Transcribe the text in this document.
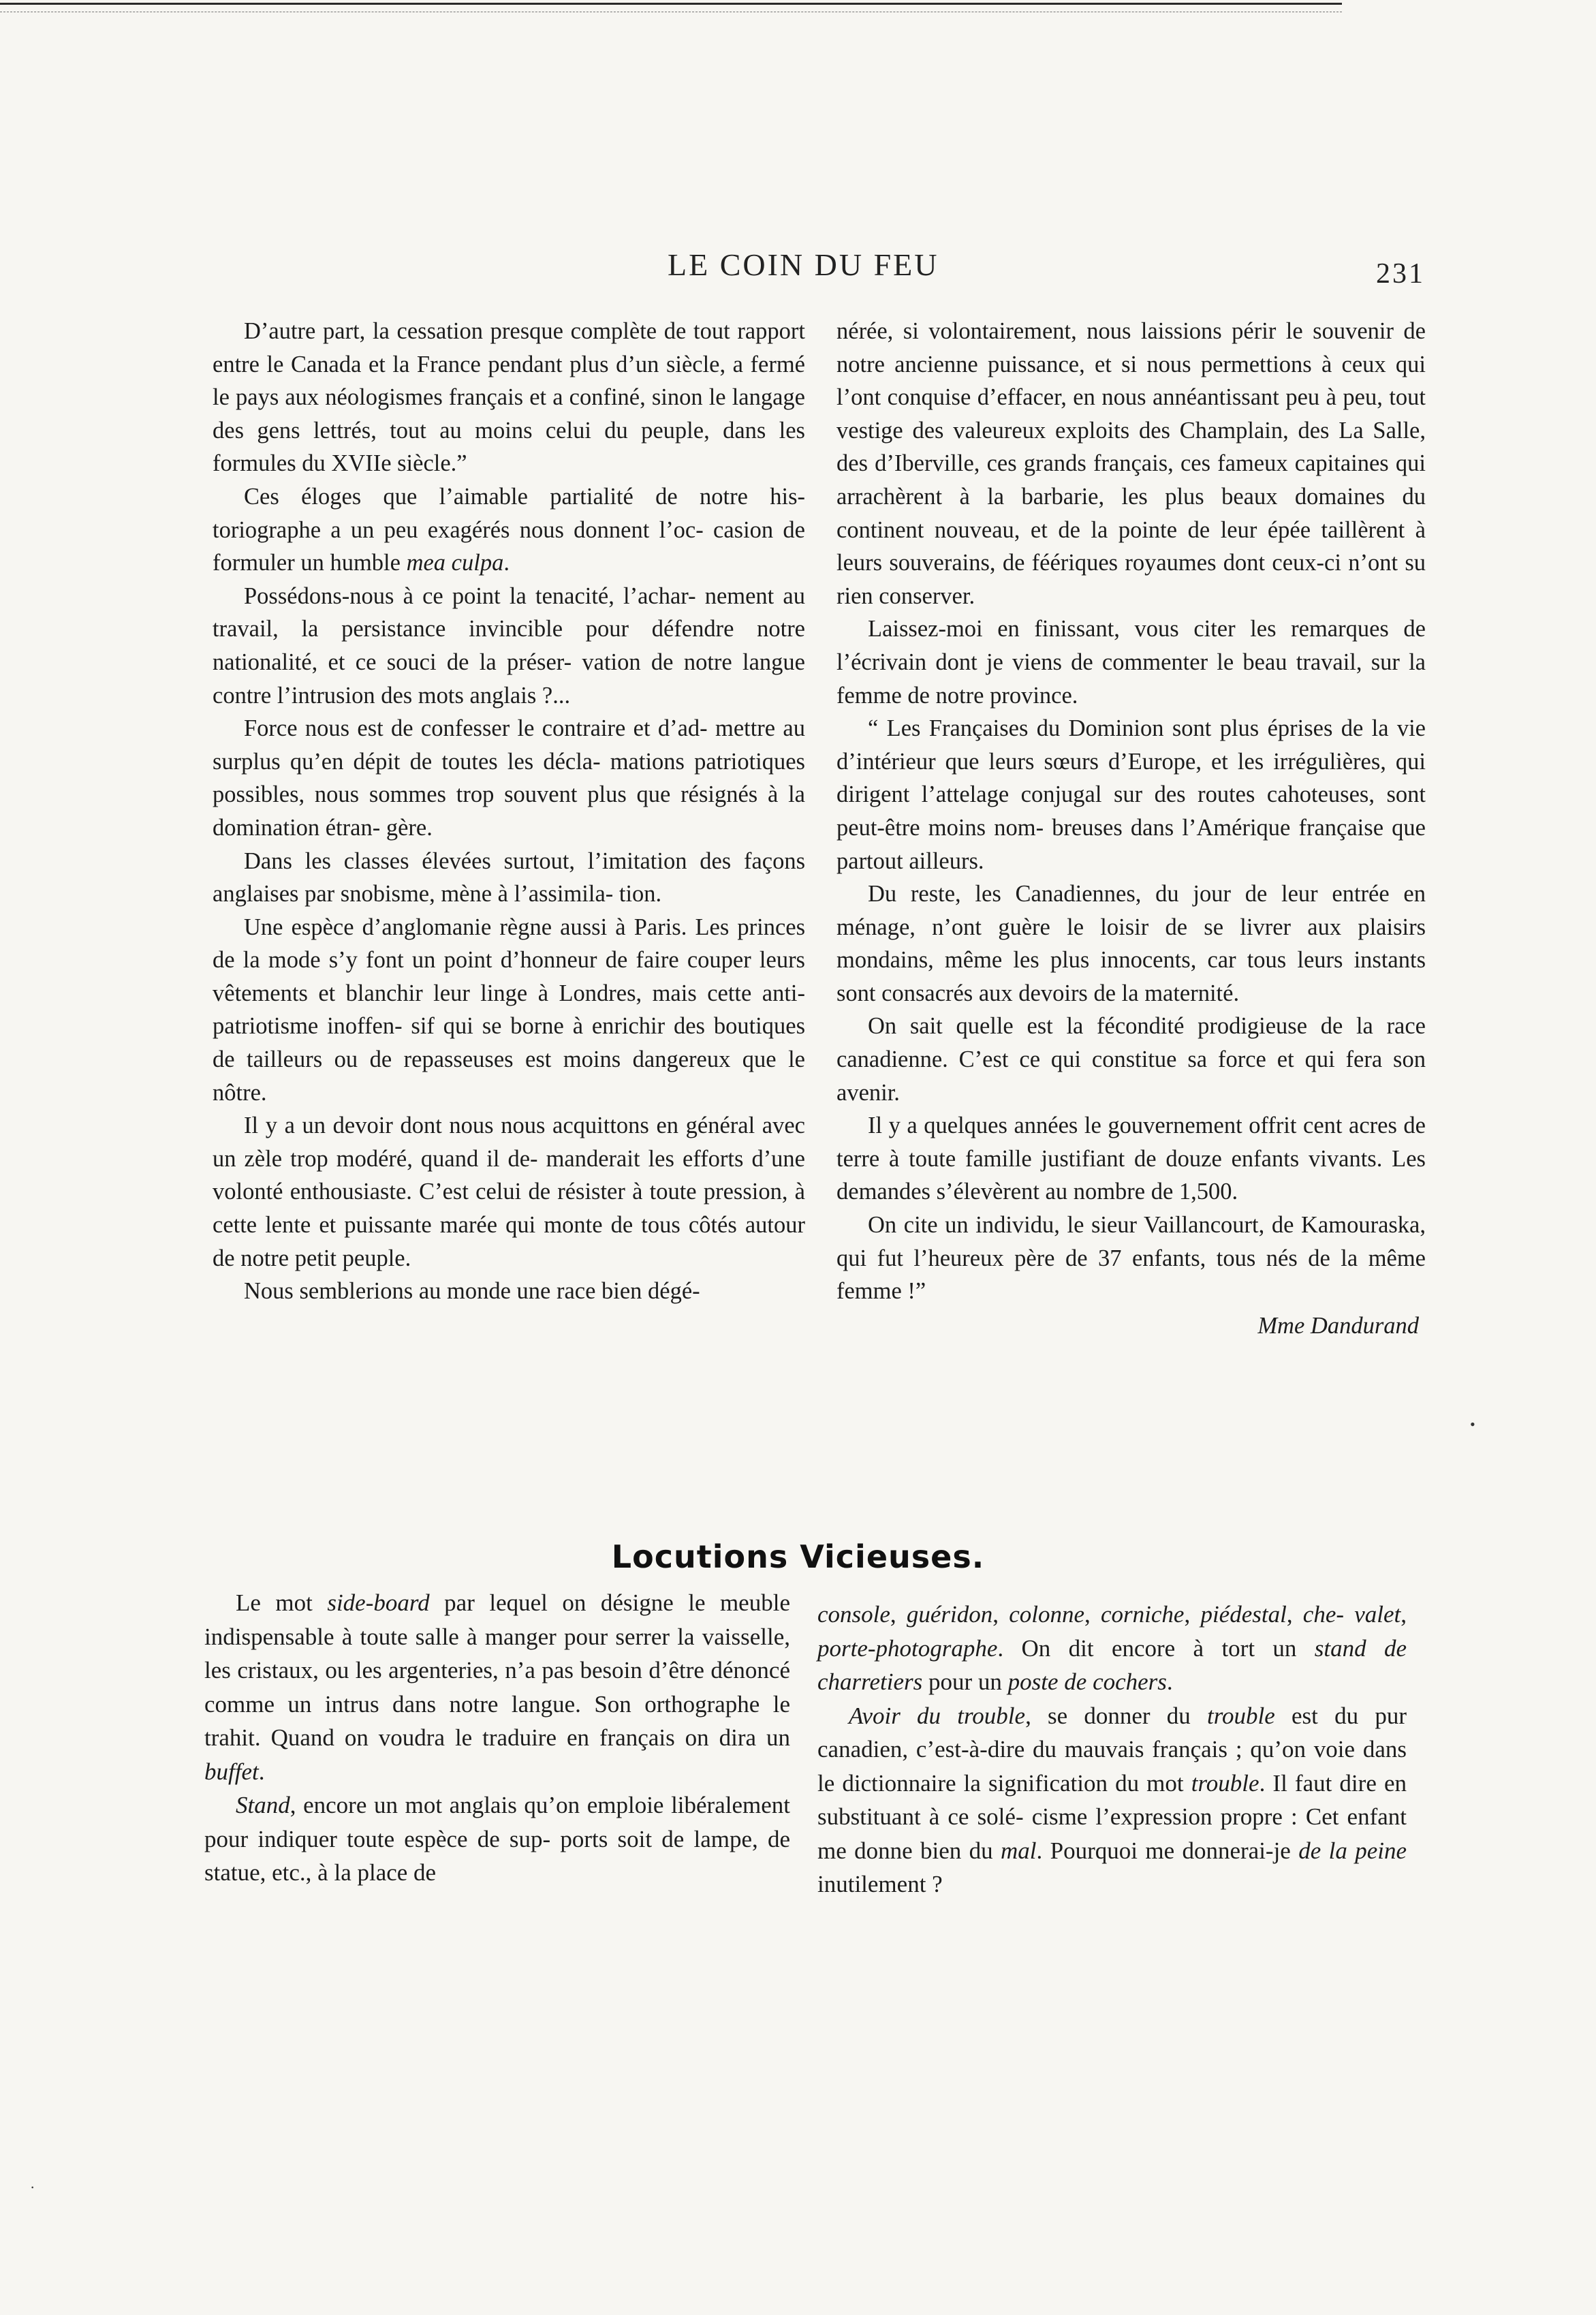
LE COIN DU FEU	231

D’autre part, la cessation presque complète de tout rapport entre le Canada et la France pendant plus d’un siècle, a fermé le pays aux néologismes français et a confiné, sinon le langage des gens lettrés, tout au moins celui du peuple, dans les formules du XVIIe siècle.”

Ces éloges que l’aimable partialité de notre his- toriographe a un peu exagérés nous donnent l’oc- casion de formuler un humble mea culpa.

Possédons-nous à ce point la tenacité, l’achar- nement au travail, la persistance invincible pour défendre notre nationalité, et ce souci de la préser- vation de notre langue contre l’intrusion des mots anglais ?...

Force nous est de confesser le contraire et d’ad- mettre au surplus qu’en dépit de toutes les décla- mations patriotiques possibles, nous sommes trop souvent plus que résignés à la domination étran- gère.

Dans les classes élevées surtout, l’imitation des façons anglaises par snobisme, mène à l’assimila- tion.

Une espèce d’anglomanie règne aussi à Paris. Les princes de la mode s’y font un point d’honneur de faire couper leurs vêtements et blanchir leur linge à Londres, mais cette anti-patriotisme inoffen- sif qui se borne à enrichir des boutiques de tailleurs ou de repasseuses est moins dangereux que le nôtre.

Il y a un devoir dont nous nous acquittons en général avec un zèle trop modéré, quand il de- manderait les efforts d’une volonté enthousiaste. C’est celui de résister à toute pression, à cette lente et puissante marée qui monte de tous côtés autour de notre petit peuple.

Nous semblerions au monde une race bien dégé-

nérée, si volontairement, nous laissions périr le souvenir de notre ancienne puissance, et si nous permettions à ceux qui l’ont conquise d’effacer, en nous annéantissant peu à peu, tout vestige des valeureux exploits des Champlain, des La Salle, des d’Iberville, ces grands français, ces fameux capitaines qui arrachèrent à la barbarie, les plus beaux domaines du continent nouveau, et de la pointe de leur épée taillèrent à leurs souverains, de féériques royaumes dont ceux-ci n’ont su rien conserver.

Laissez-moi en finissant, vous citer les remarques de l’écrivain dont je viens de commenter le beau travail, sur la femme de notre province.

“ Les Françaises du Dominion sont plus éprises de la vie d’intérieur que leurs sœurs d’Europe, et les irrégulières, qui dirigent l’attelage conjugal sur des routes cahoteuses, sont peut-être moins nom- breuses dans l’Amérique française que partout ailleurs.

Du reste, les Canadiennes, du jour de leur entrée en ménage, n’ont guère le loisir de se livrer aux plaisirs mondains, même les plus innocents, car tous leurs instants sont consacrés aux devoirs de la maternité.

On sait quelle est la fécondité prodigieuse de la race canadienne. C’est ce qui constitue sa force et qui fera son avenir.

Il y a quelques années le gouvernement offrit cent acres de terre à toute famille justifiant de douze enfants vivants. Les demandes s’élevèrent au nombre de 1,500.

On cite un individu, le sieur Vaillancourt, de Kamouraska, qui fut l’heureux père de 37 enfants, tous nés de la même femme !”

Mme Dandurand
Locutions Vicieuses.

Le mot side-board par lequel on désigne le meuble indispensable à toute salle à manger pour serrer la vaisselle, les cristaux, ou les argenteries, n’a pas besoin d’être dénoncé comme un intrus dans notre langue. Son orthographe le trahit. Quand on voudra le traduire en français on dira un buffet.

Stand, encore un mot anglais qu’on emploie libéralement pour indiquer toute espèce de sup- ports soit de lampe, de statue, etc., à la place de

console, guéridon, colonne, corniche, piédestal, che- valet, porte-photographe. On dit encore à tort un stand de charretiers pour un poste de cochers.

Avoir du trouble, se donner du trouble est du pur canadien, c’est-à-dire du mauvais français ; qu’on voie dans le dictionnaire la signification du mot trouble. Il faut dire en substituant à ce solé- cisme l’expression propre : Cet enfant me donne bien du mal. Pourquoi me donnerai-je de la peine inutilement ?

•
·
